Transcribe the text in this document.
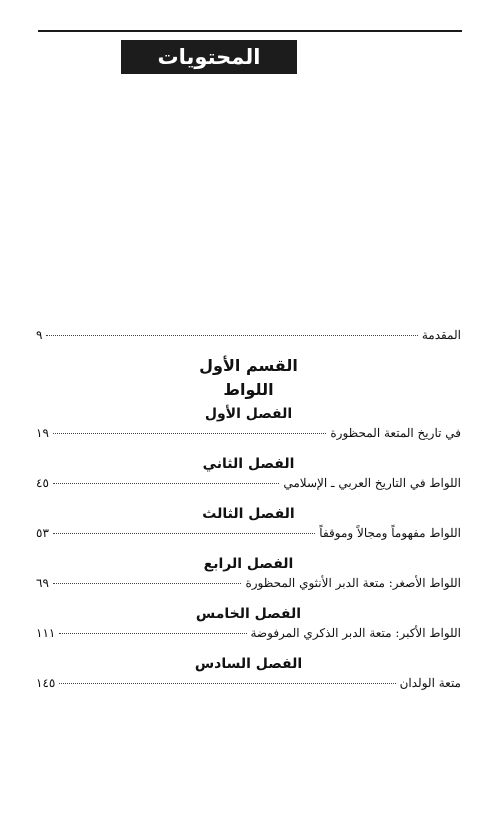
المحتويات
المقدمة
٩
القسم الأول
اللواط
الفصل الأول
في تاريخ المتعة المحظورة
١٩
الفصل الثاني
اللواط في التاريخ العربي ـ الإسلامي
٤٥
الفصل الثالث
اللواط مفهوماً ومجالاً وموقفاً
٥٣
الفصل الرابع
اللواط الأصغر: متعة الدبر الأنثوي المحظورة
٦٩
الفصل الخامس
اللواط الأكبر: متعة الدبر الذكري المرفوضة
١١١
الفصل السادس
متعة الولدان
١٤٥
